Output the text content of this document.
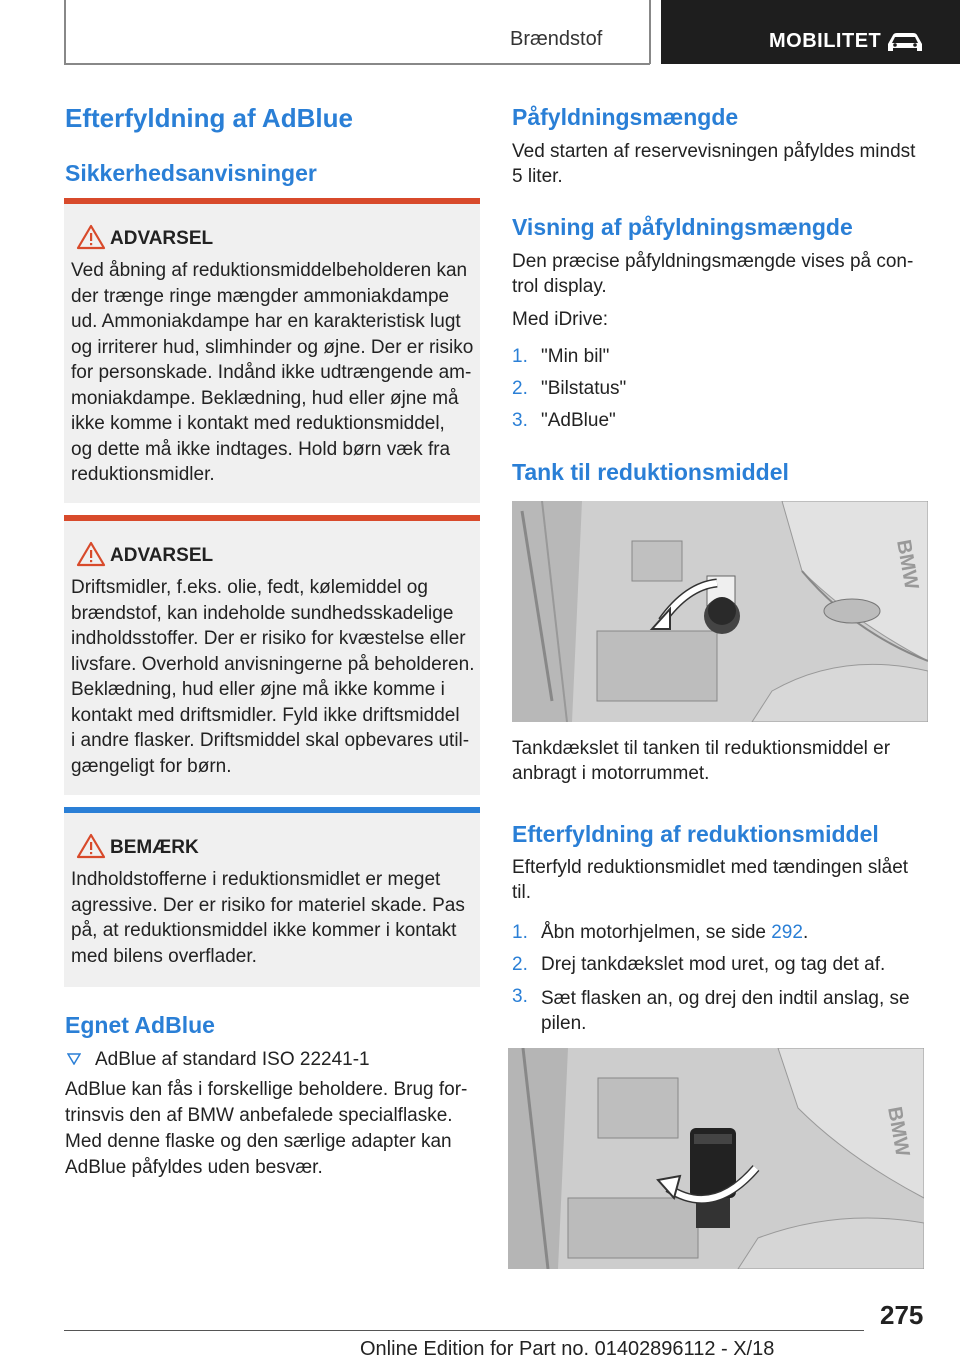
Brændstof	MOBILITET
Efterfyldning af AdBlue
Sikkerhedsanvisninger
ADVARSEL
Ved åbning af reduktionsmiddelbeholderen kan
der trænge ringe mængder ammoniakdampe
ud. Ammoniakdampe har en karakteristisk lugt
og irriterer hud, slimhinder og øjne. Der er risiko
for personskade. Indånd ikke udtrængende am-
moniakdampe. Beklædning, hud eller øjne må
ikke komme i kontakt med reduktionsmiddel,
og dette må ikke indtages. Hold børn væk fra
reduktionsmidler.
ADVARSEL
Driftsmidler, f.eks. olie, fedt, kølemiddel og
brændstof, kan indeholde sundhedsskadelige
indholdsstoffer. Der er risiko for kvæstelse eller
livsfare. Overhold anvisningerne på beholderen.
Beklædning, hud eller øjne må ikke komme i
kontakt med driftsmidler. Fyld ikke driftsmiddel
i andre flasker. Driftsmiddel skal opbevares util-
gængeligt for børn.
BEMÆRK
Indholdstofferne i reduktionsmidlet er meget
agressive. Der er risiko for materiel skade. Pas
på, at reduktionsmiddel ikke kommer i kontakt
med bilens overflader.
Egnet AdBlue
AdBlue af standard ISO 22241-1
AdBlue kan fås i forskellige beholdere. Brug for-
trinsvis den af BMW anbefalede specialflaske.
Med denne flaske og den særlige adapter kan
AdBlue påfyldes uden besvær.
Påfyldningsmængde
Ved starten af reservevisningen påfyldes mindst
5 liter.
Visning af påfyldningsmængde
Den præcise påfyldningsmængde vises på con-
trol display.
Med iDrive:
1. "Min bil"
2. "Bilstatus"
3. "AdBlue"
Tank til reduktionsmiddel
BMW
Tankdækslet til tanken til reduktionsmiddel er
anbragt i motorrummet.
Efterfyldning af reduktionsmiddel
Efterfyld reduktionsmidlet med tændingen slået
til.
1. Åbn motorhjelmen, se side 292.
2. Drej tankdækslet mod uret, og tag det af.
3. Sæt flasken an, og drej den indtil anslag, se
pilen.
BMW
275
Online Edition for Part no. 01402896112 - X/18
